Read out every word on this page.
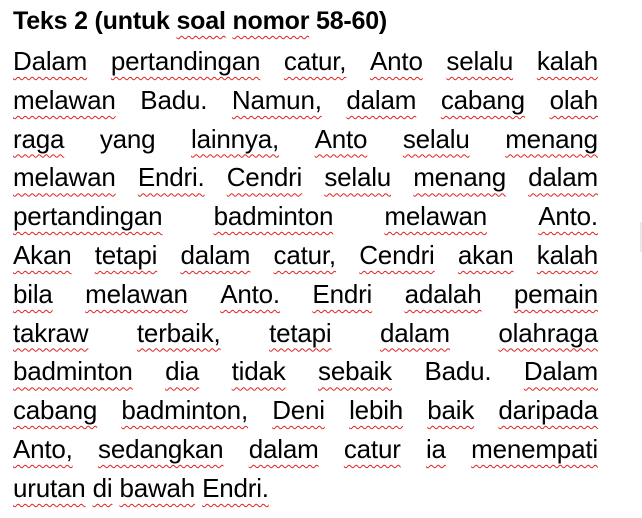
Teks 2 (untuk soal nomor 58-60)
Dalam pertandingan catur, Anto selalu kalah
melawan Badu. Namun, dalam cabang olah
raga yang lainnya, Anto selalu menang
melawan Endri. Cendri selalu menang dalam
pertandingan badminton melawan Anto.
Akan tetapi dalam catur, Cendri akan kalah
bila melawan Anto. Endri adalah pemain
takraw terbaik, tetapi dalam olahraga
badminton dia tidak sebaik Badu. Dalam
cabang badminton, Deni lebih baik daripada
Anto, sedangkan dalam catur ia menempati
urutan
di
bawah
Endri.
